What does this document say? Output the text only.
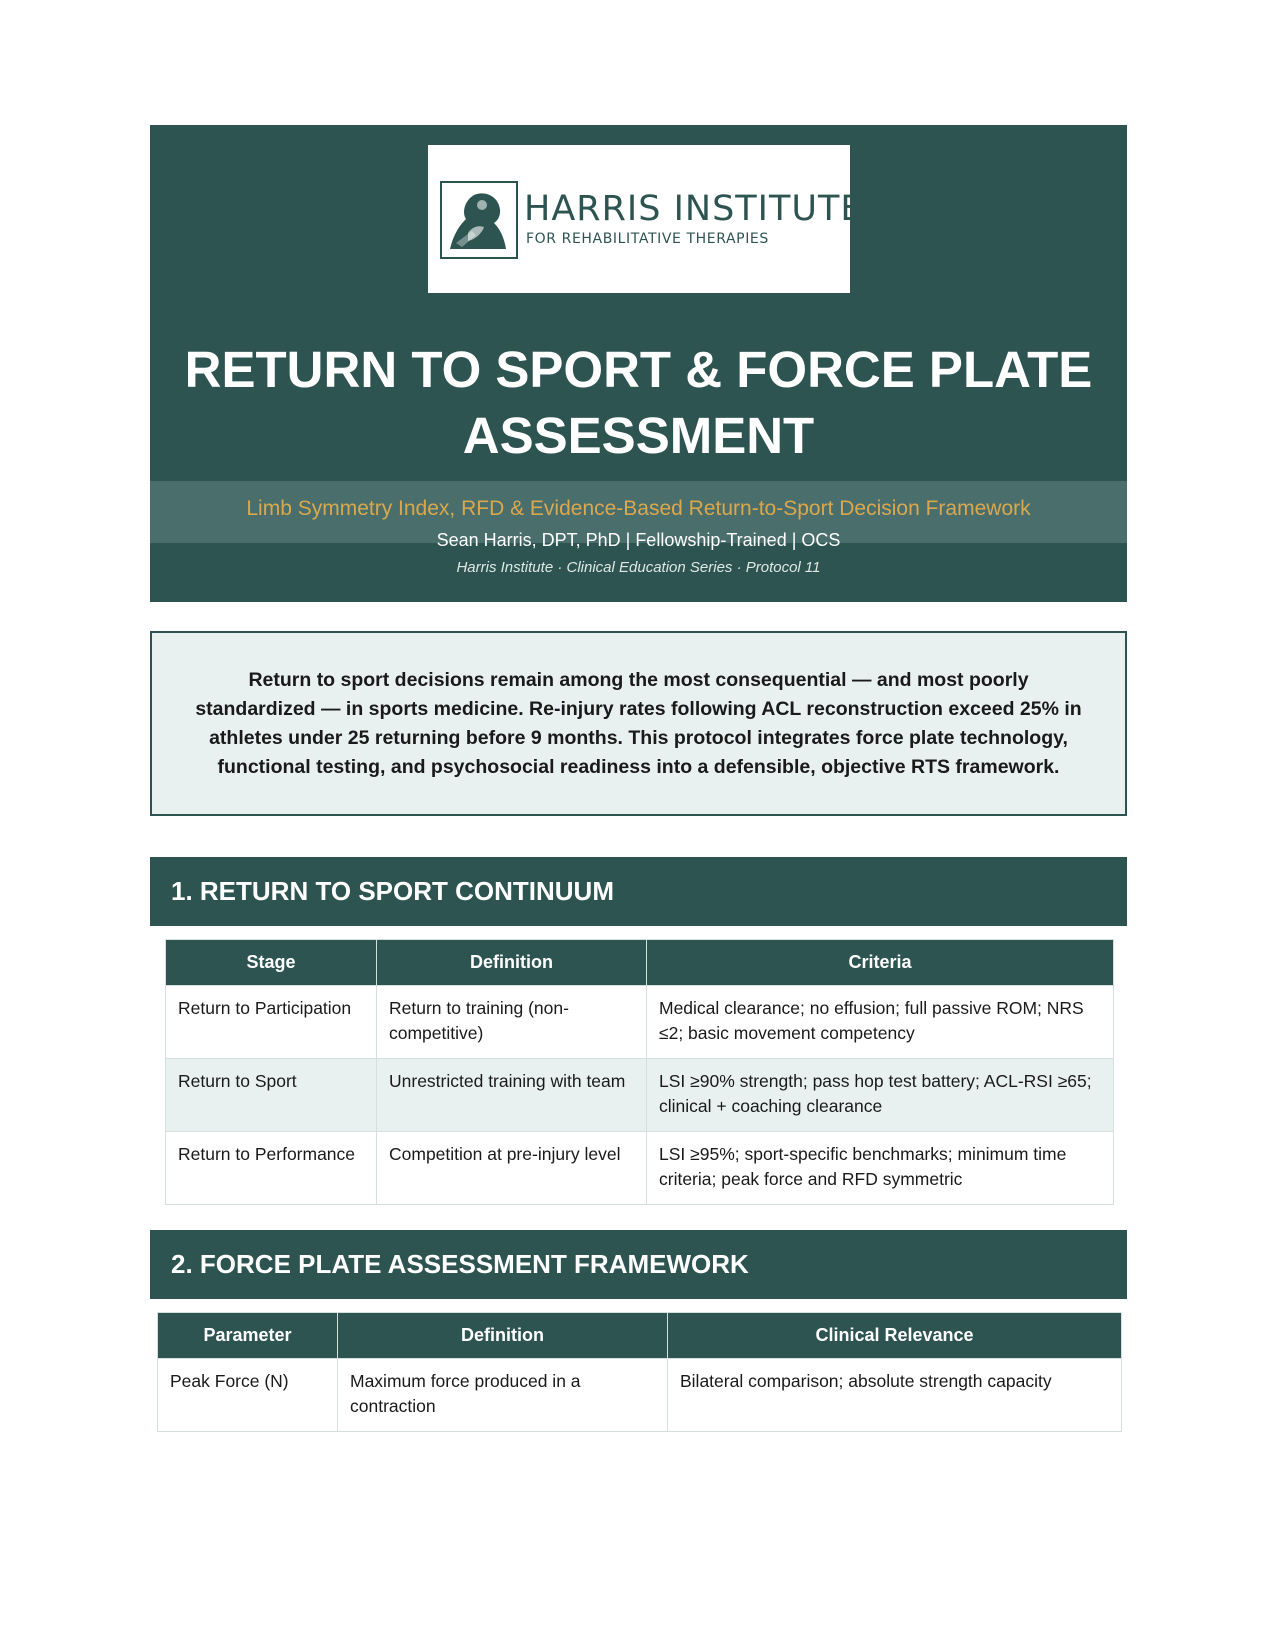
HARRIS INSTITUTE
FOR REHABILITATIVE THERAPIES
RETURN TO SPORT & FORCE PLATE
ASSESSMENT
Limb Symmetry Index, RFD & Evidence-Based Return-to-Sport Decision Framework
Sean Harris, DPT, PhD | Fellowship-Trained | OCS
Harris Institute · Clinical Education Series · Protocol 11

Return to sport decisions remain among the most consequential — and most poorly standardized — in sports medicine. Re-injury rates following ACL reconstruction exceed 25% in athletes under 25 returning before 9 months. This protocol integrates force plate technology, functional testing, and psychosocial readiness into a defensible, objective RTS framework.

1. RETURN TO SPORT CONTINUUM
Stage	Definition	Criteria
Return to Participation	Return to training (non-competitive)	Medical clearance; no effusion; full passive ROM; NRS ≤2; basic movement competency
Return to Sport	Unrestricted training with team	LSI ≥90% strength; pass hop test battery; ACL-RSI ≥65; clinical + coaching clearance
Return to Performance	Competition at pre-injury level	LSI ≥95%; sport-specific benchmarks; minimum time criteria; peak force and RFD symmetric
2. FORCE PLATE ASSESSMENT FRAMEWORK
Parameter	Definition	Clinical Relevance
Peak Force (N)	Maximum force produced in a contraction	Bilateral comparison; absolute strength capacity
